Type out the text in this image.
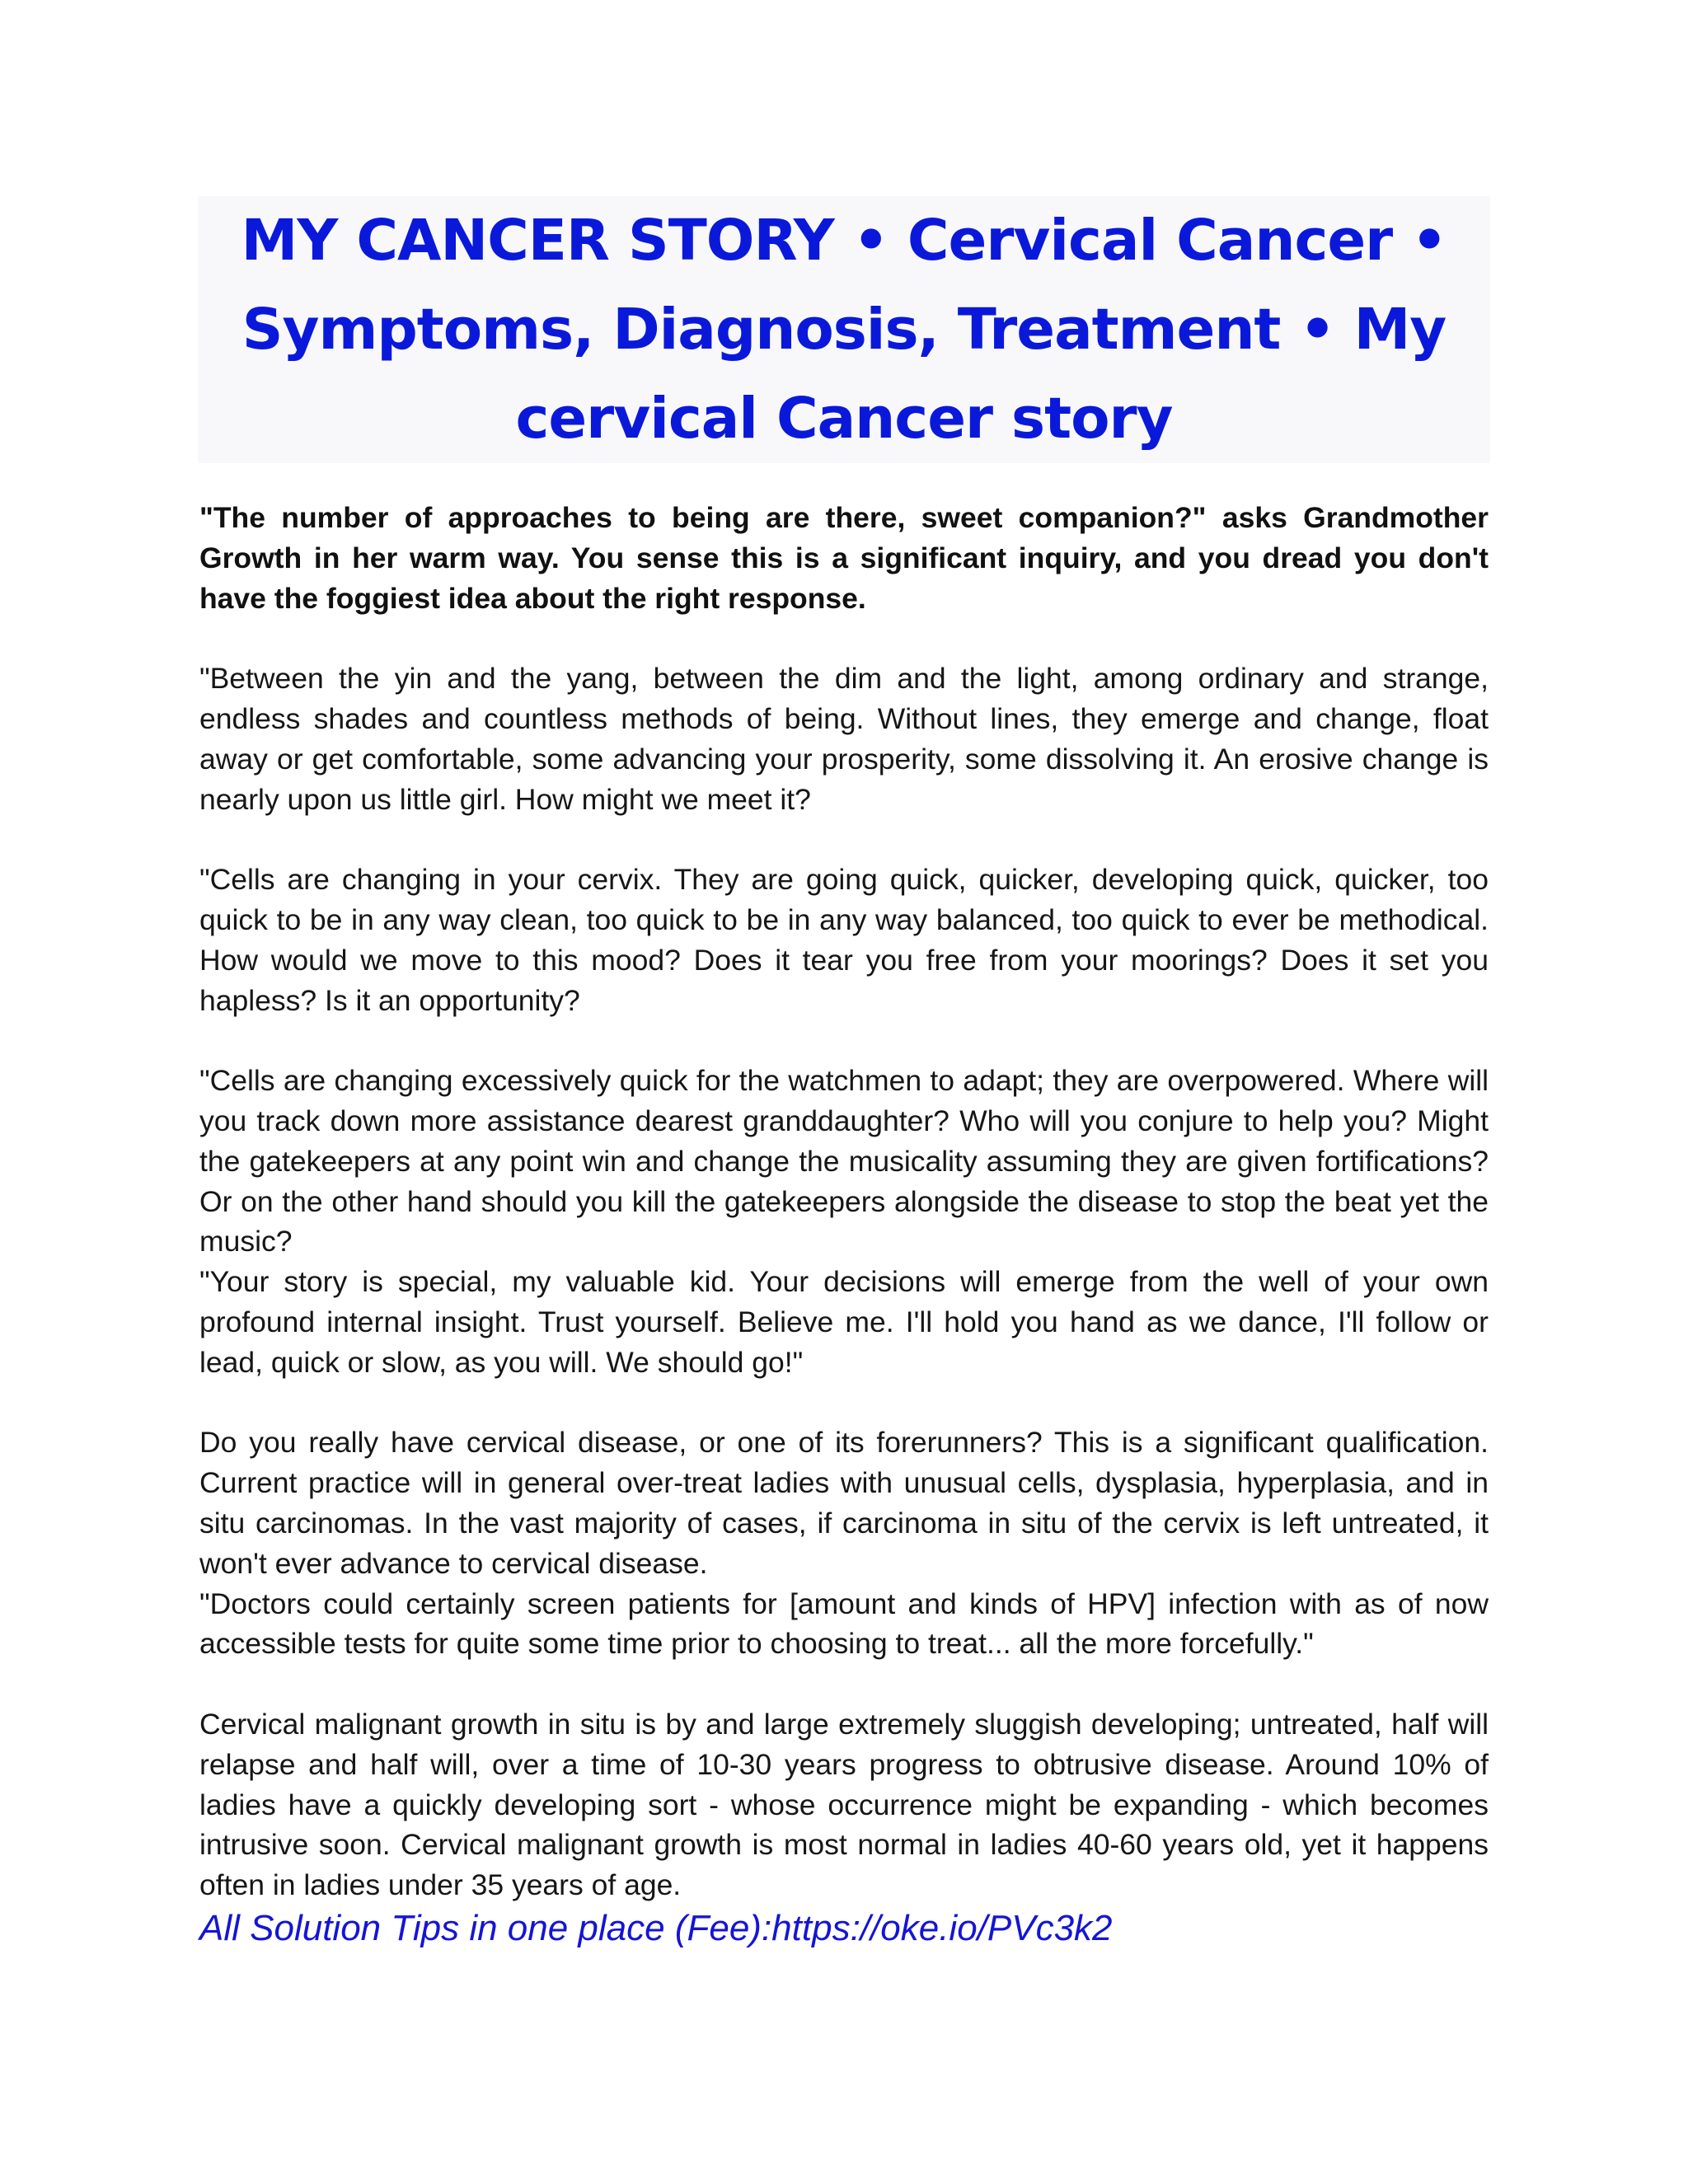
MY CANCER STORY • Cervical Cancer • Symptoms, Diagnosis, Treatment • My cervical Cancer story

"The number of approaches to being are there, sweet companion?" asks Grandmother Growth in her warm way. You sense this is a significant inquiry, and you dread you don't have the foggiest idea about the right response.

"Between the yin and the yang, between the dim and the light, among ordinary and strange, endless shades and countless methods of being. Without lines, they emerge and change, float away or get comfortable, some advancing your prosperity, some dissolving it. An erosive change is nearly upon us little girl. How might we meet it?

"Cells are changing in your cervix. They are going quick, quicker, developing quick, quicker, too quick to be in any way clean, too quick to be in any way balanced, too quick to ever be methodical. How would we move to this mood? Does it tear you free from your moorings? Does it set you hapless? Is it an opportunity?

"Cells are changing excessively quick for the watchmen to adapt; they are overpowered. Where will you track down more assistance dearest granddaughter? Who will you conjure to help you? Might the gatekeepers at any point win and change the musicality assuming they are given fortifications? Or on the other hand should you kill the gatekeepers alongside the disease to stop the beat yet the music?

"Your story is special, my valuable kid. Your decisions will emerge from the well of your own profound internal insight. Trust yourself. Believe me. I'll hold you hand as we dance, I'll follow or lead, quick or slow, as you will. We should go!"

Do you really have cervical disease, or one of its forerunners? This is a significant qualification. Current practice will in general over-treat ladies with unusual cells, dysplasia, hyperplasia, and in situ carcinomas. In the vast majority of cases, if carcinoma in situ of the cervix is left untreated, it won't ever advance to cervical disease.

"Doctors could certainly screen patients for [amount and kinds of HPV] infection with as of now accessible tests for quite some time prior to choosing to treat... all the more forcefully."

Cervical malignant growth in situ is by and large extremely sluggish developing; untreated, half will relapse and half will, over a time of 10-30 years progress to obtrusive disease. Around 10% of ladies have a quickly developing sort - whose occurrence might be expanding - which becomes intrusive soon. Cervical malignant growth is most normal in ladies 40-60 years old, yet it happens often in ladies under 35 years of age.

All Solution Tips in one place (Fee):https://oke.io/PVc3k2
